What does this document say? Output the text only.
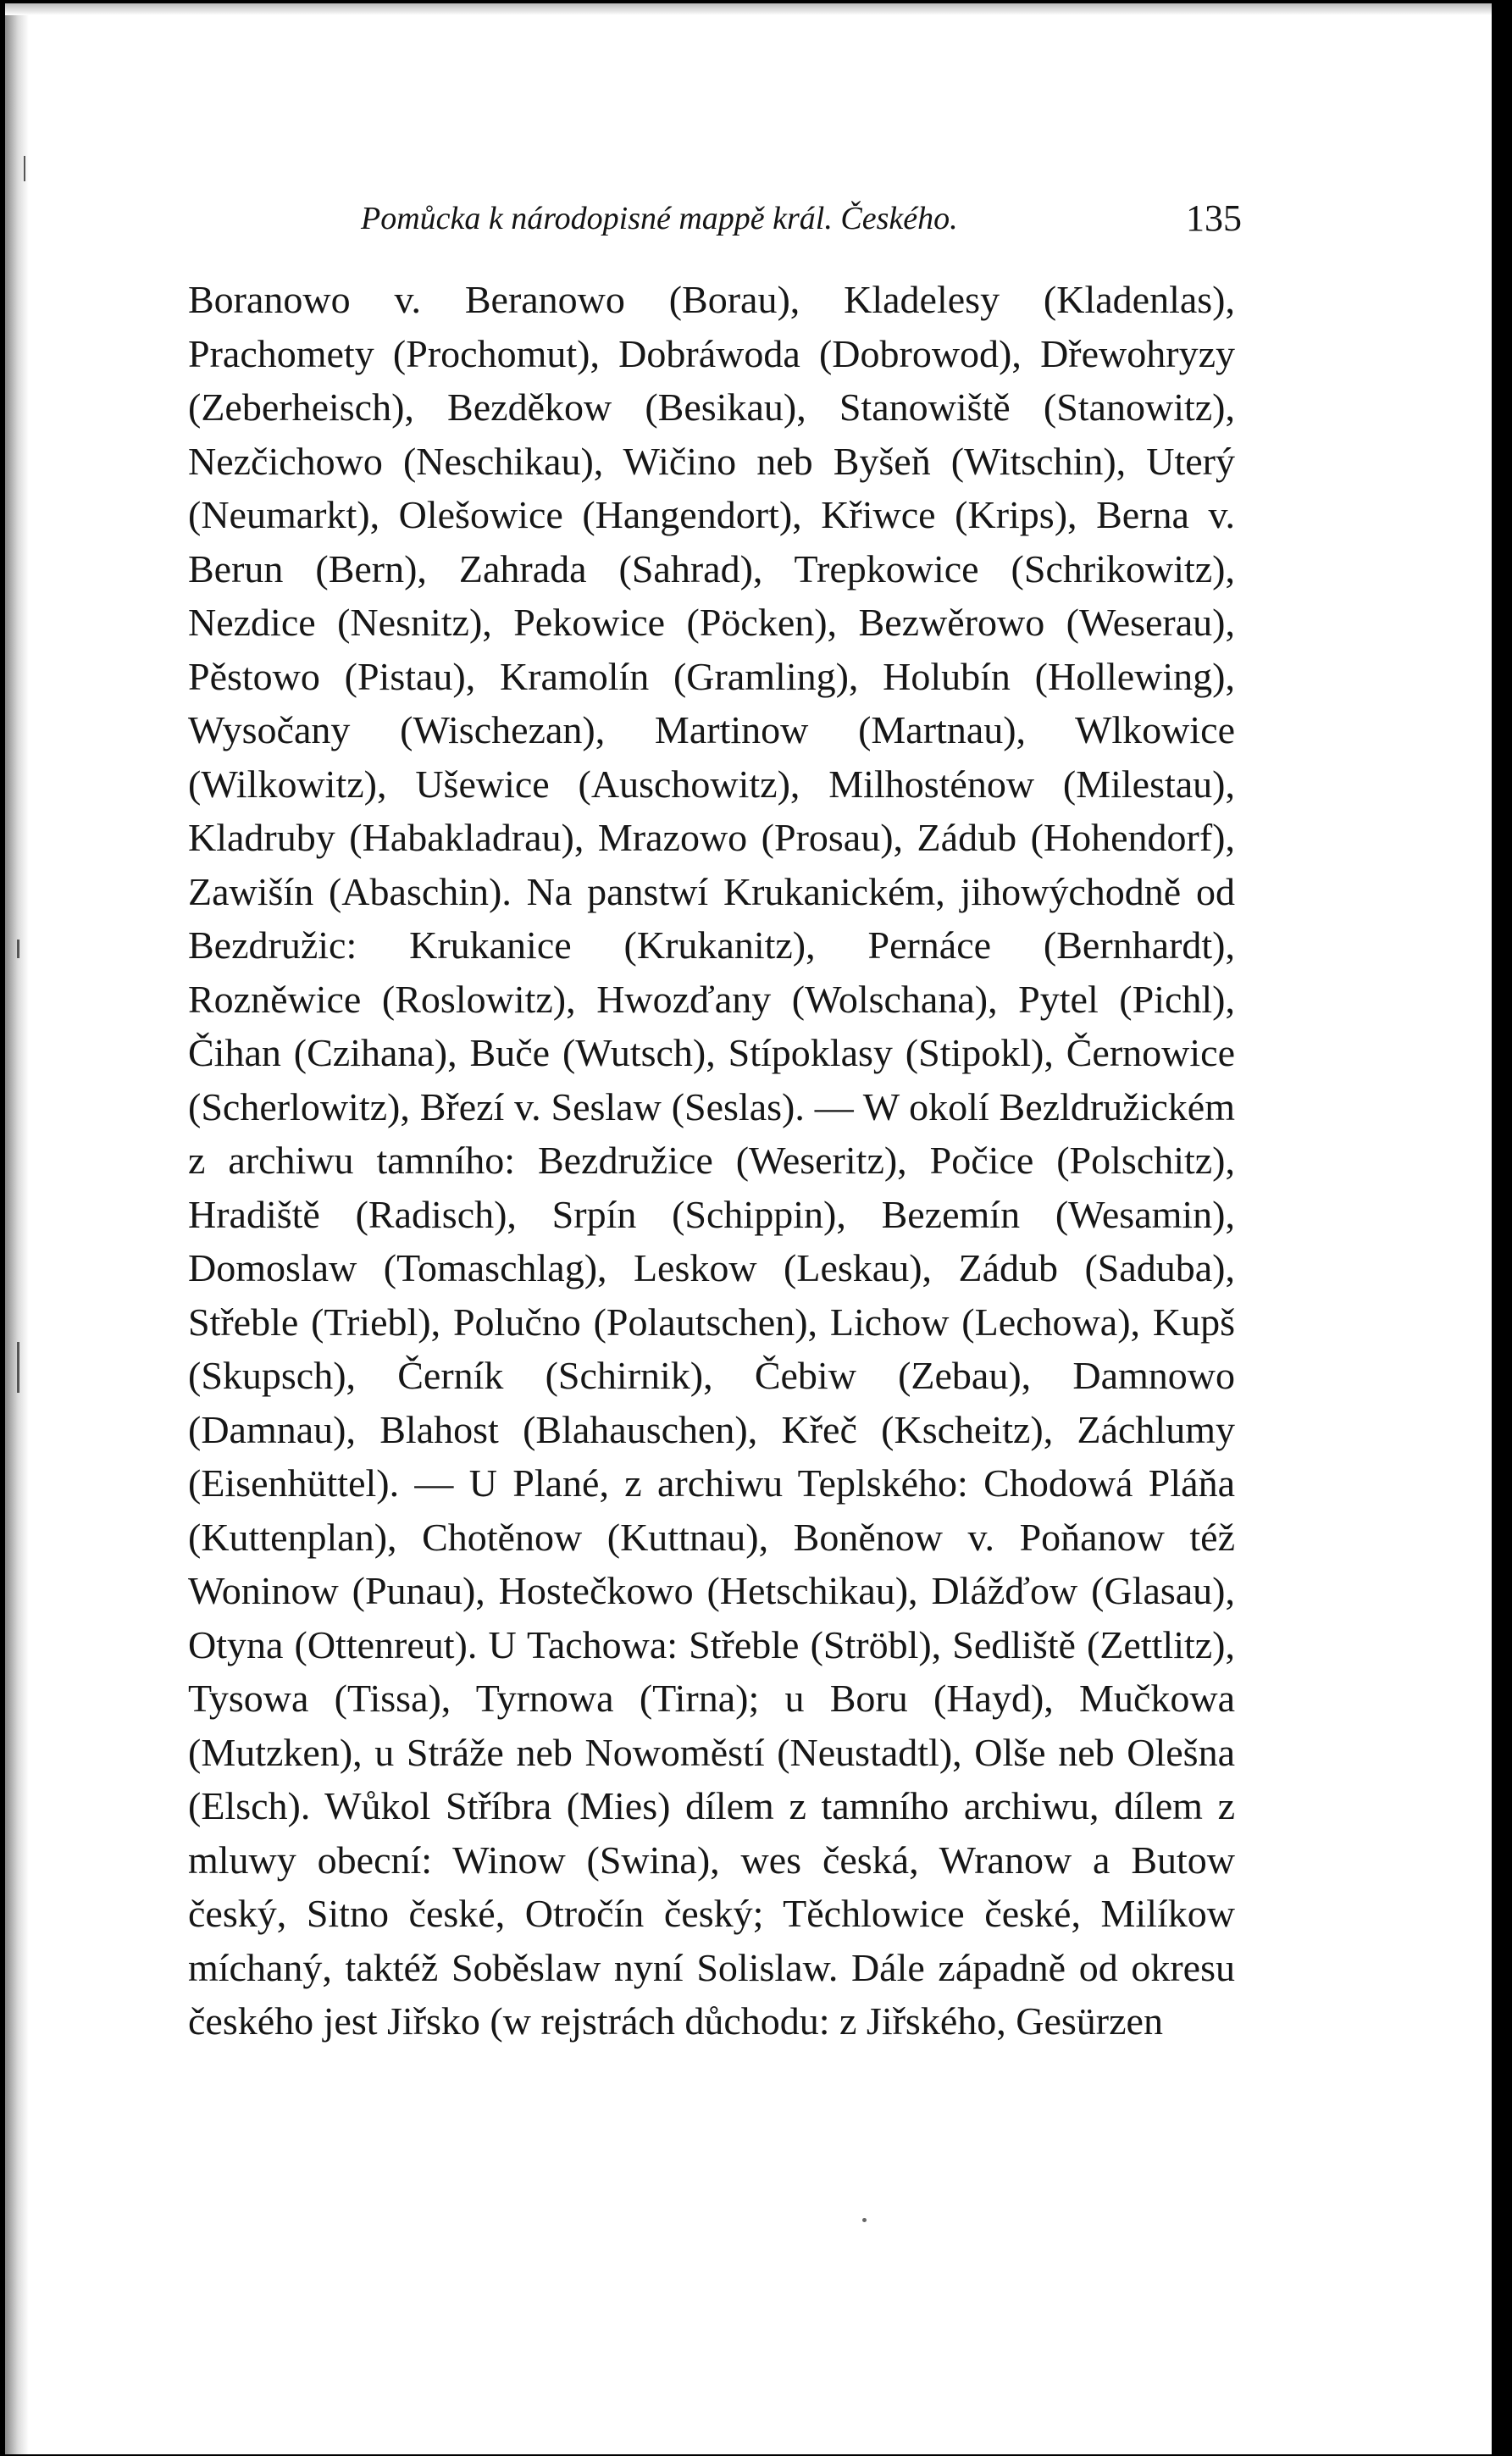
Pomůcka k národopisné mappě král. Českého.	135

Boranowo v. Beranowo (Borau), Kladelesy (Kladenlas), Prachomety (Prochomut), Dobráwoda (Dobrowod), Dřewohryzy (Zeberheisch), Bezděkow (Besikau), Stanowiště (Stanowitz), Nezčichowo (Neschikau), Wičino neb Byšeň (Witschin), Uterý (Neumarkt), Olešowice (Hangendort), Křiwce (Krips), Berna v. Berun (Bern), Zahrada (Sahrad), Trepkowice (Schrikowitz), Nezdice (Nesnitz), Pekowice (Pöcken), Bezwěrowo (Weserau), Pěstowo (Pistau), Kramolín (Gramling), Holubín (Hollewing), Wysočany (Wischezan), Martinow (Martnau), Wlkowice (Wilkowitz), Ušewice (Auschowitz), Milhosténow (Milestau), Kladruby (Habakladrau), Mrazowo (Prosau), Zádub (Hohendorf), Zawišín (Abaschin). Na panstwí Krukanickém, jihowýchodně od Bezdružic: Krukanice (Krukanitz), Pernáce (Bernhardt), Rozněwice (Roslowitz), Hwozďany (Wolschana), Pytel (Pichl), Čihan (Czihana), Buče (Wutsch), Stípoklasy (Stipokl), Černowice (Scherlowitz), Březí v. Seslaw (Seslas). — W okolí Bezldružickém z archiwu tamního: Bezdružice (Weseritz), Počice (Polschitz), Hradiště (Radisch), Srpín (Schippin), Bezemín (Wesamin), Domoslaw (Tomaschlag), Leskow (Leskau), Zádub (Saduba), Střeble (Triebl), Polučno (Polautschen), Lichow (Lechowa), Kupš (Skupsch), Černík (Schirnik), Čebiw (Zebau), Damnowo (Damnau), Blahost (Blahauschen), Křeč (Kscheitz), Záchlumy (Eisenhüttel). — U Plané, z archiwu Teplského: Chodowá Pláňa (Kuttenplan), Chotěnow (Kuttnau), Boněnow v. Poňanow též Woninow (Punau), Hostečkowo (Hetschikau), Dlážďow (Glasau), Otyna (Ottenreut). U Tachowa: Střeble (Ströbl), Sedliště (Zettlitz), Tysowa (Tissa), Tyrnowa (Tirna); u Boru (Hayd), Mučkowa (Mutzken), u Stráže neb Nowoměstí (Neustadtl), Olše neb Olešna (Elsch). Wůkol Stříbra (Mies) dílem z tamního archiwu, dílem z mluwy obecní: Winow (Swina), wes česká, Wranow a Butow český, Sitno české, Otročín český; Těchlowice české, Milíkow míchaný, taktéž Soběslaw nyní Solislaw. Dále západně od okresu českého jest Jiřsko (w rejstrách důchodu: z Jiřského, Gesürzen
